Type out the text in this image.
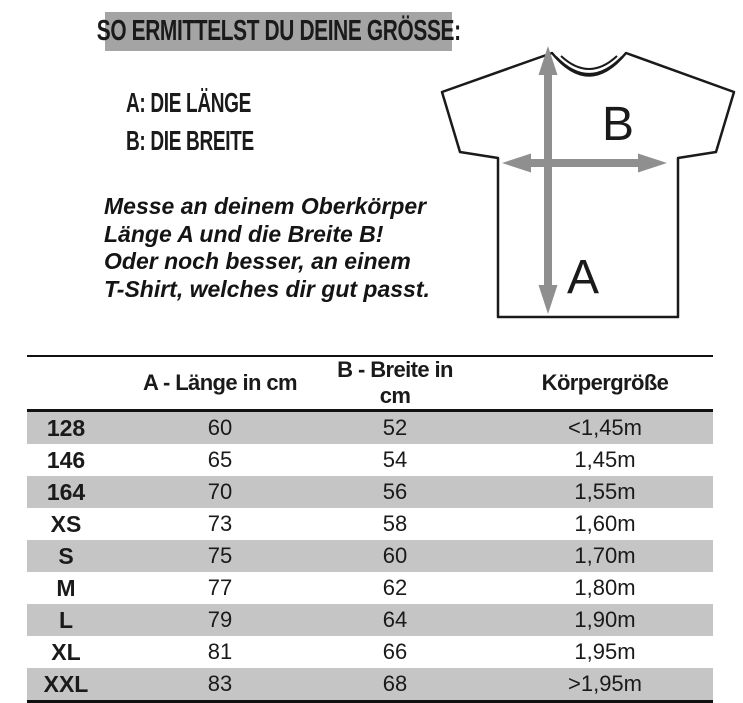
SO ERMITTELST DU DEINE GRÖSSE:
A: DIE LÄNGE
B: DIE BREITE
Messe an deinem Oberkörper
Länge A und die Breite B!
Oder noch besser, an einem
T-Shirt, welches dir gut passt.
B
A
	A - Länge in cm	B - Breite in cm	Körpergröße
128	60	52	<1,45m
146	65	54	1,45m
164	70	56	1,55m
XS	73	58	1,60m
S	75	60	1,70m
M	77	62	1,80m
L	79	64	1,90m
XL	81	66	1,95m
XXL	83	68	>1,95m
